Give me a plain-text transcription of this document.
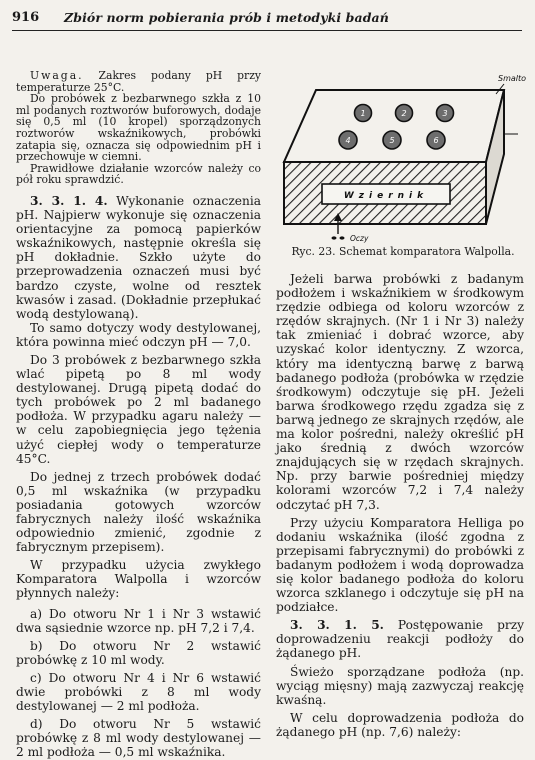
916 Zbiór norm pobierania prób i metodyki badań
1	2	3
4	5	6
Wziernik
Smalto
Oczy
Ryc. 23. Schemat komparatora Walpolla.

Uwaga. Zakres podany pH przy temperaturze 25°C.

Do probówek z bezbarwnego szkła z 10 ml podanych roztworów buforowych, dodaje się 0,5 ml (10 kropel) sporządzonych roztworów wskaźnikowych, probówki zatapia się, oznacza się odpowiednim pH i przechowuje w ciemni.

Prawidłowe działanie wzorców należy co pół roku sprawdzić.

3. 3. 1. 4. Wykonanie oznaczenia pH. Najpierw wykonuje się oznaczenia orientacyjne za pomocą papierków wskaźnikowych, następnie określa się pH dokładnie. Szkło użyte do przeprowadzenia oznaczeń musi być bardzo czyste, wolne od resztek kwasów i zasad. (Dokładnie przepłukać wodą destylowaną).

To samo dotyczy wody destylowanej, która powinna mieć odczyn pH — 7,0.

Do 3 probówek z bezbarwnego szkła wlać pipetą po 8 ml wody destylowanej. Drugą pipetą dodać do tych probówek po 2 ml badanego podłoża. W przypadku agaru należy — w celu zapobiegnięcia jego tężenia użyć ciepłej wody o temperaturze 45°C.

Do jednej z trzech probówek dodać 0,5 ml wskaźnika (w przypadku posiadania gotowych wzorców fabrycznych należy ilość wskaźnika odpowiednio zmienić, zgodnie z fabrycznym przepisem).

W przypadku użycia zwykłego Komparatora Walpolla i wzorców płynnych należy:

a) Do otworu Nr 1 i Nr 3 wstawić dwa sąsiednie wzorce np. pH 7,2 i 7,4.

b) Do otworu Nr 2 wstawić probówkę z 10 ml wody.

c) Do otworu Nr 4 i Nr 6 wstawić dwie probówki z 8 ml wody destylowanej — 2 ml podłoża.

d) Do otworu Nr 5 wstawić probówkę z 8 ml wody destylowanej — 2 ml podłoża — 0,5 ml wskaźnika.

Jeżeli barwa probówki z badanym podłożem i wskaźnikiem w środkowym rzędzie odbiega od koloru wzorców z rzędów skrajnych. (Nr 1 i Nr 3) należy tak zmieniać i dobrać wzorce, aby uzyskać kolor identyczny. Z wzorca, który ma identyczną barwę z barwą badanego podłoża (probówka w rzędzie środkowym) odczytuje się pH. Jeżeli barwa środkowego rzędu zgadza się z barwą jednego ze skrajnych rzędów, ale ma kolor pośredni, należy określić pH jako średnią z dwóch wzorców znajdujących się w rzędach skrajnych. Np. przy barwie pośredniej między kolorami wzorców 7,2 i 7,4 należy odczytać pH 7,3.

Przy użyciu Komparatora Helliga po dodaniu wskaźnika (ilość zgodna z przepisami fabrycznymi) do probówki z badanym podłożem i wodą doprowadza się kolor badanego podłoża do koloru wzorca szklanego i odczytuje się pH na podziałce.

3. 3. 1. 5. Postępowanie przy doprowadzeniu reakcji podłoży do żądanego pH.

Świeżo sporządzane podłoża (np. wyciąg mięsny) mają zazwyczaj reakcję kwaśną.

W celu doprowadzenia podłoża do żądanego pH (np. 7,6) należy:
